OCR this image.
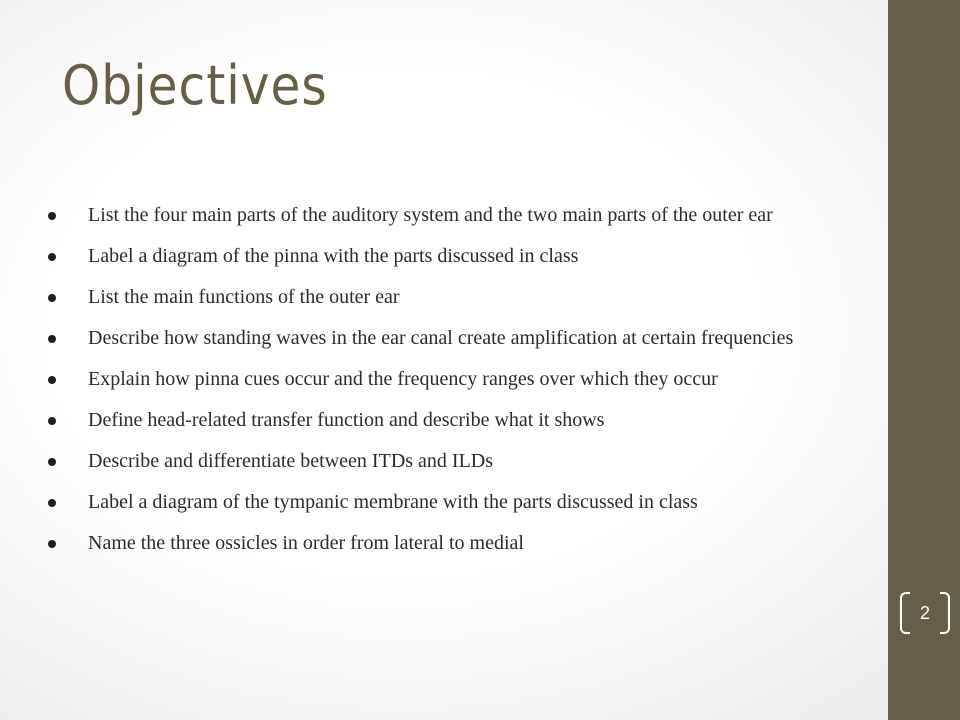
Objectives
List the four main parts of the auditory system and the two main parts of the outer ear
Label a diagram of the pinna with the parts discussed in class
List the main functions of the outer ear
Describe how standing waves in the ear canal create amplification at certain frequencies
Explain how pinna cues occur and the frequency ranges over which they occur
Define head-related transfer function and describe what it shows
Describe and differentiate between ITDs and ILDs
Label a diagram of the tympanic membrane with the parts discussed in class
Name the three ossicles in order from lateral to medial
2
